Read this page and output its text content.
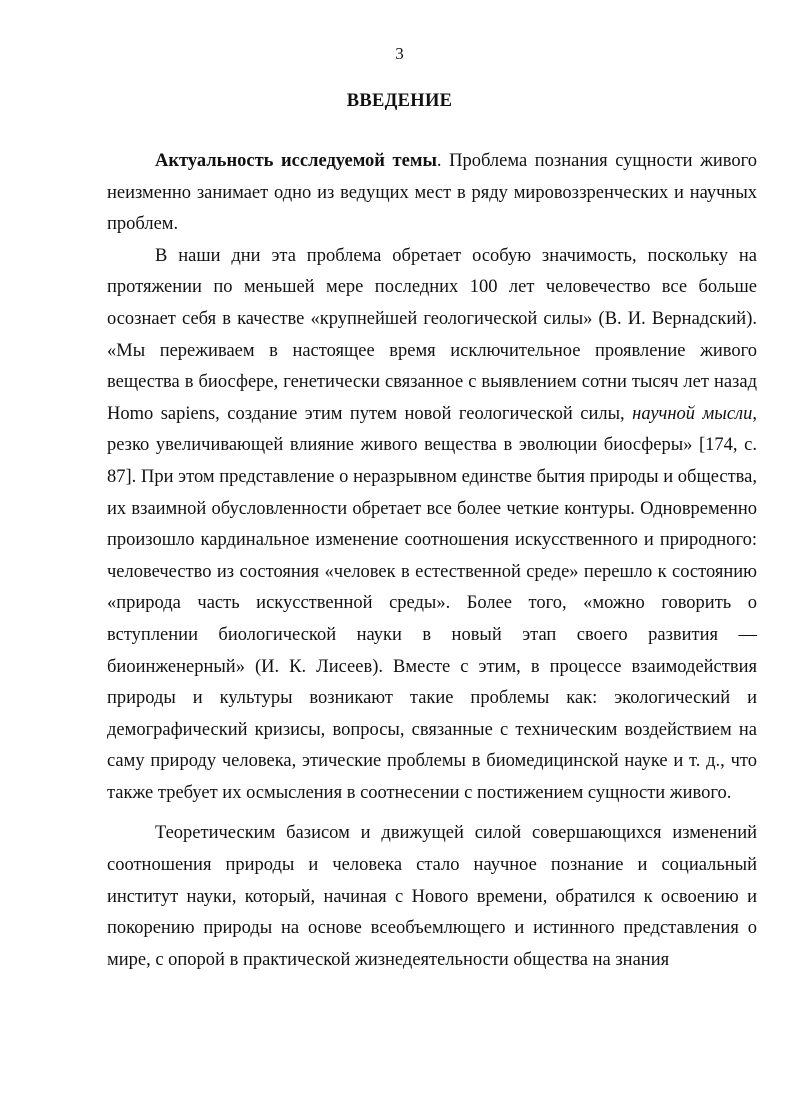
3
ВВЕДЕНИЕ

Актуальность исследуемой темы. Проблема познания сущности живого неизменно занимает одно из ведущих мест в ряду мировоззренческих и научных проблем.

В наши дни эта проблема обретает особую значимость, поскольку на протяжении по меньшей мере последних 100 лет человечество все больше осознает себя в качестве «крупнейшей геологической силы» (В. И. Вернадский). «Мы переживаем в настоящее время исключительное проявление живого вещества в биосфере, генетически связанное с выявлением сотни тысяч лет назад Homo sapiens, создание этим путем новой геологической силы, научной мысли, резко увеличивающей влияние живого вещества в эволюции биосферы» [174, с. 87]. При этом представление о неразрывном единстве бытия природы и общества, их взаимной обусловленности обретает все более четкие контуры. Одновременно произошло кардинальное изменение соотношения искусственного и природного: человечество из состояния «человек в естественной среде» перешло к состоянию «природа часть искусственной среды». Более того, «можно говорить о вступлении биологической науки в новый этап своего развития — биоинженерный» (И. К. Лисеев). Вместе с этим, в процессе взаимодействия природы и культуры возникают такие проблемы как: экологический и демографический кризисы, вопросы, связанные с техническим воздействием на саму природу человека, этические проблемы в биомедицинской науке и т. д., что также требует их осмысления в соотнесении с постижением сущности живого.

Теоретическим базисом и движущей силой совершающихся изменений соотношения природы и человека стало научное познание и социальный институт науки, который, начиная с Нового времени, обратился к освоению и покорению природы на основе всеобъемлющего и истинного представления о мире, с опорой в практической жизнедеятельности общества на знания
